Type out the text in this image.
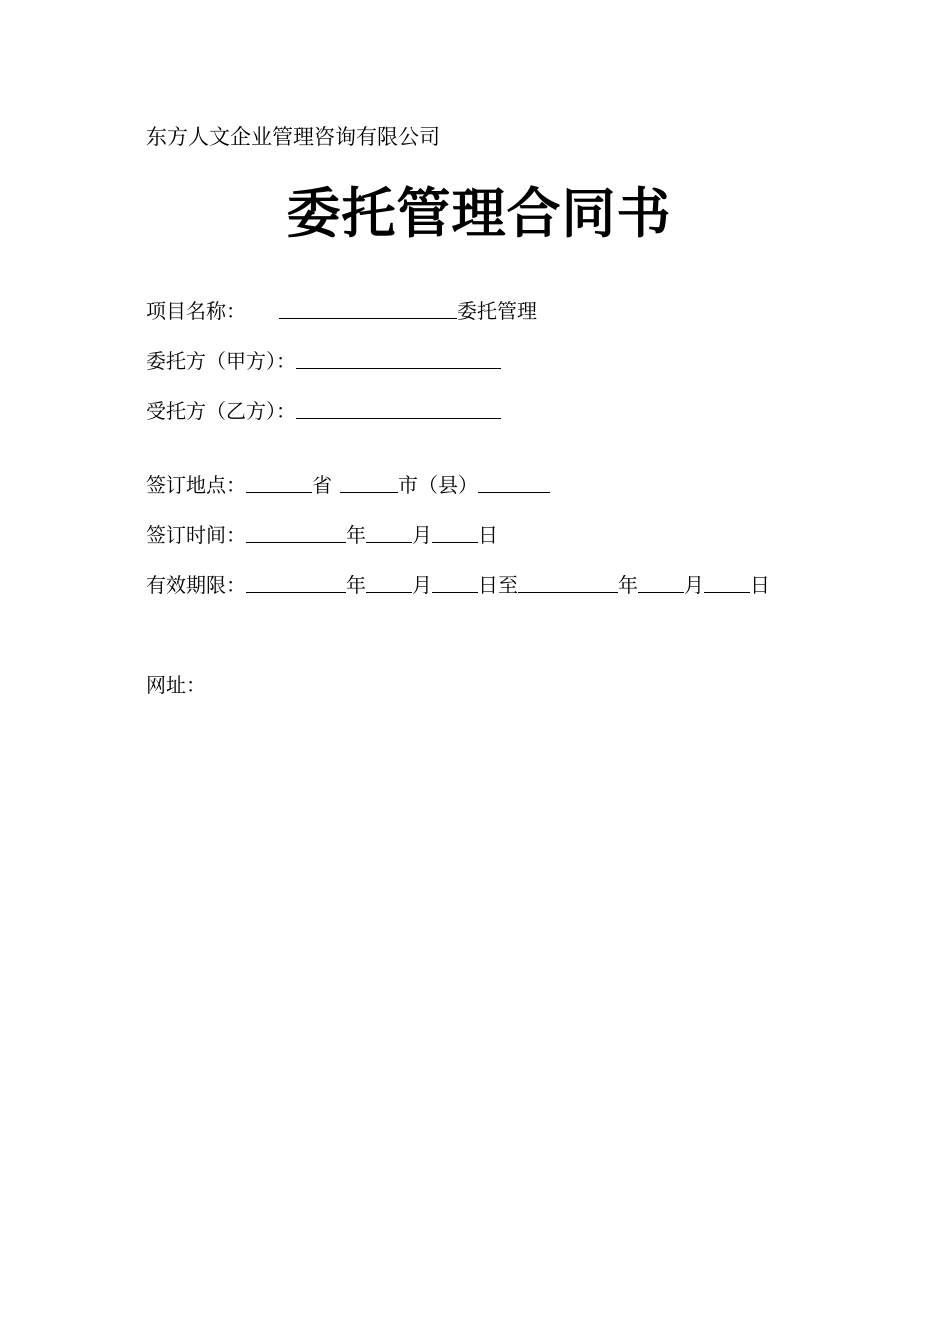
东方人文企业管理咨询有限公司
委托管理合同书
项目名称：	委托管理
委托方（甲方）：
受托方（乙方）：
签订地点：	省	市（县）
签订时间：	年 月 日
有效期限：	年 月 日至	年 月 日
网址：
